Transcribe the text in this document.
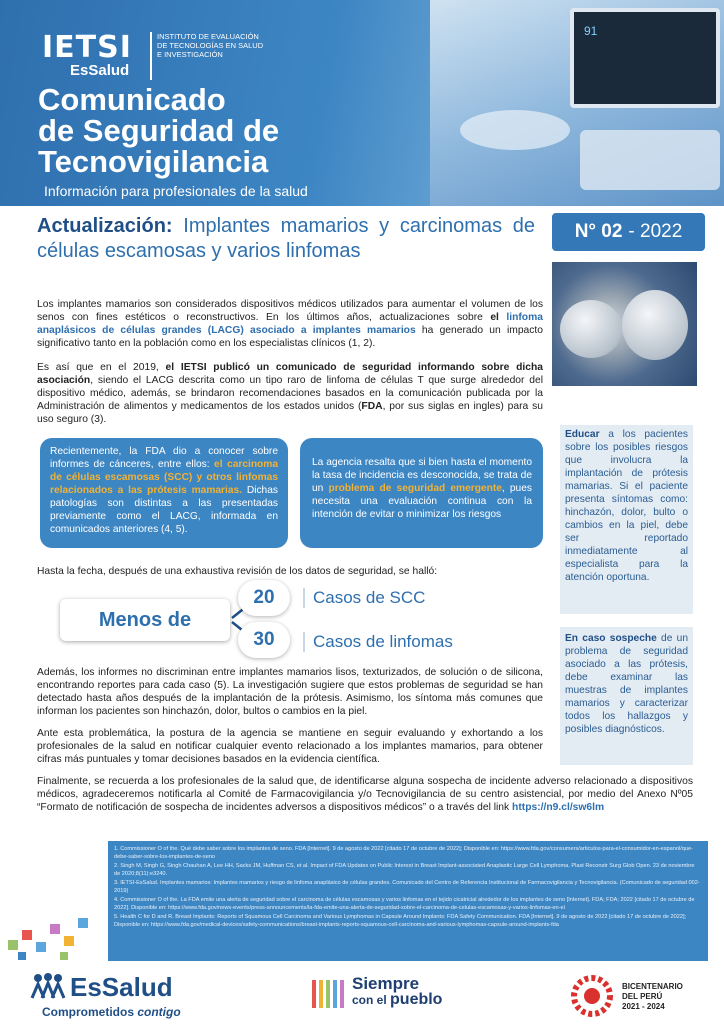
91
IETSI
EsSalud
INSTITUTO DE EVALUACIÓN DE TECNOLOGÍAS EN SALUD E INVESTIGACIÓN
Comunicado
de Seguridad de
Tecnovigilancia
Información para profesionales de la salud
Actualización: Implantes mamarios y carcinomas de células escamosas y varios linfomas
N° 02 - 2022
Los implantes mamarios son considerados dispositivos médicos utilizados para aumentar el volumen de los senos con fines estéticos o reconstructivos. En los últimos años, actualizaciones sobre el linfoma anaplásicos de células grandes (LACG) asociado a implantes mamarios ha generado un impacto significativo tanto en la población como en los especialistas clínicos (1, 2).
Es así que en el 2019, el IETSI publicó un comunicado de seguridad informando sobre dicha asociación, siendo el LACG descrita como un tipo raro de linfoma de células T que surge alrededor del dispositivo médico, además, se brindaron recomendaciones basados en la comunicación publicada por la Administración de alimentos y medicamentos de los estados unidos (FDA, por sus siglas en ingles) para su uso seguro (3).
Recientemente, la FDA dio a conocer sobre informes de cánceres, entre ellos: el carcinoma de células escamosas (SCC) y otros linfomas relacionados a las prótesis mamarias. Dichas patologías son distintas a las presentadas previamente como el LACG, informada en comunicados anteriores (4, 5).
La agencia resalta que si bien hasta el momento la tasa de incidencia es desconocida, se trata de un problema de seguridad emergente, pues necesita una evaluación continua con la intención de evitar o minimizar los riesgos
Educar a los pacientes sobre los posibles riesgos que involucra la implantación de prótesis mamarias. Si el paciente presenta síntomas como: hinchazón, dolor, bulto o cambios en la piel, debe ser reportado inmediatamente al especialista para la atención oportuna.
En caso sospeche de un problema de seguridad asociado a las prótesis, debe examinar las muestras de implantes mamarios y caracterizar todos los hallazgos y posibles diagnósticos.
Hasta la fecha, después de una exhaustiva revisión de los datos de seguridad, se halló:
Menos de
20	Casos de SCC
30	Casos de linfomas
Además, los informes no discriminan entre implantes mamarios lisos, texturizados, de solución o de silicona, encontrando reportes para cada caso (5). La investigación sugiere que estos problemas de seguridad se han detectado hasta años después de la implantación de la prótesis. Asimismo, los síntoma más comunes que informan los pacientes son hinchazón, dolor, bultos o cambios en la piel.
Ante esta problemática, la postura de la agencia se mantiene en seguir evaluando y exhortando a los profesionales de la salud en notificar cualquier evento relacionado a los implantes mamarios, para obtener cifras más puntuales y tomar decisiones basados en la evidencia científica.
Finalmente, se recuerda a los profesionales de la salud que, de identificarse alguna sospecha de incidente adverso relacionado a dispositivos médicos, agradeceremos notificarla al Comité de Farmacovigilancia y/o Tecnovigilancia de su centro asistencial, por medio del Anexo Nº05 “Formato de notificación de sospecha de incidentes adversos a dispositivos médicos” o a través del link https://n9.cl/sw6lm
1. Commissioner O of the. Qué debe saber sobre los implantes de seno. FDA [Internet]. 9 de agosto de 2022 [citado 17 de octubre de 2022]; Disponible en: https://www.fda.gov/consumers/articulos-para-el-consumidor-en-espanol/que-debe-saber-sobre-los-implantes-de-seno
2. Singh M, Singh G, Singh Chauhan A, Lee HH, Sacks JM, Huffman CS, et al. Impact of FDA Updates on Public Interest in Breast Implant-associated Anaplastic Large Cell Lymphoma. Plast Reconstr Surg Glob Open. 23 de noviembre de 2020;8(11):e3240.
3. IETSI-EsSalud. Implantes mamarios: Implantes mamarios y riesgo de linfoma anaplásico de células grandes. Comunicado del Centro de Referencia Institucional de Farmacovigilancia y Tecnovigilancia. (Comunicado de seguridad 002-2019)
4. Commissioner O of the. La FDA emite una alerta de seguridad sobre el carcinoma de células escamosas y varios linfomas en el tejido cicatricial alrededor de los implantes de seno [Internet]. FDA; FDA; 2022 [citado 17 de octubre de 2022]. Disponible en: https://www.fda.gov/news-events/press-announcements/la-fda-emite-una-alerta-de-seguridad-sobre-el-carcinoma-de-celulas-escamosas-y-varios-linfomas-en-el
5. Health C for D and R. Breast Implants: Reports of Squamous Cell Carcinoma and Various Lymphomas in Capsule Around Implants: FDA Safety Communication. FDA [Internet]. 9 de agosto de 2022 [citado 17 de octubre de 2022]; Disponible en: https://www.fda.gov/medical-devices/safety-communications/breast-implants-reports-squamous-cell-carcinoma-and-various-lymphomas-capsule-around-implants-fda
EsSalud
Comprometidos contigo
Siempre
con el pueblo
BICENTENARIO
DEL PERÚ
2021 - 2024
